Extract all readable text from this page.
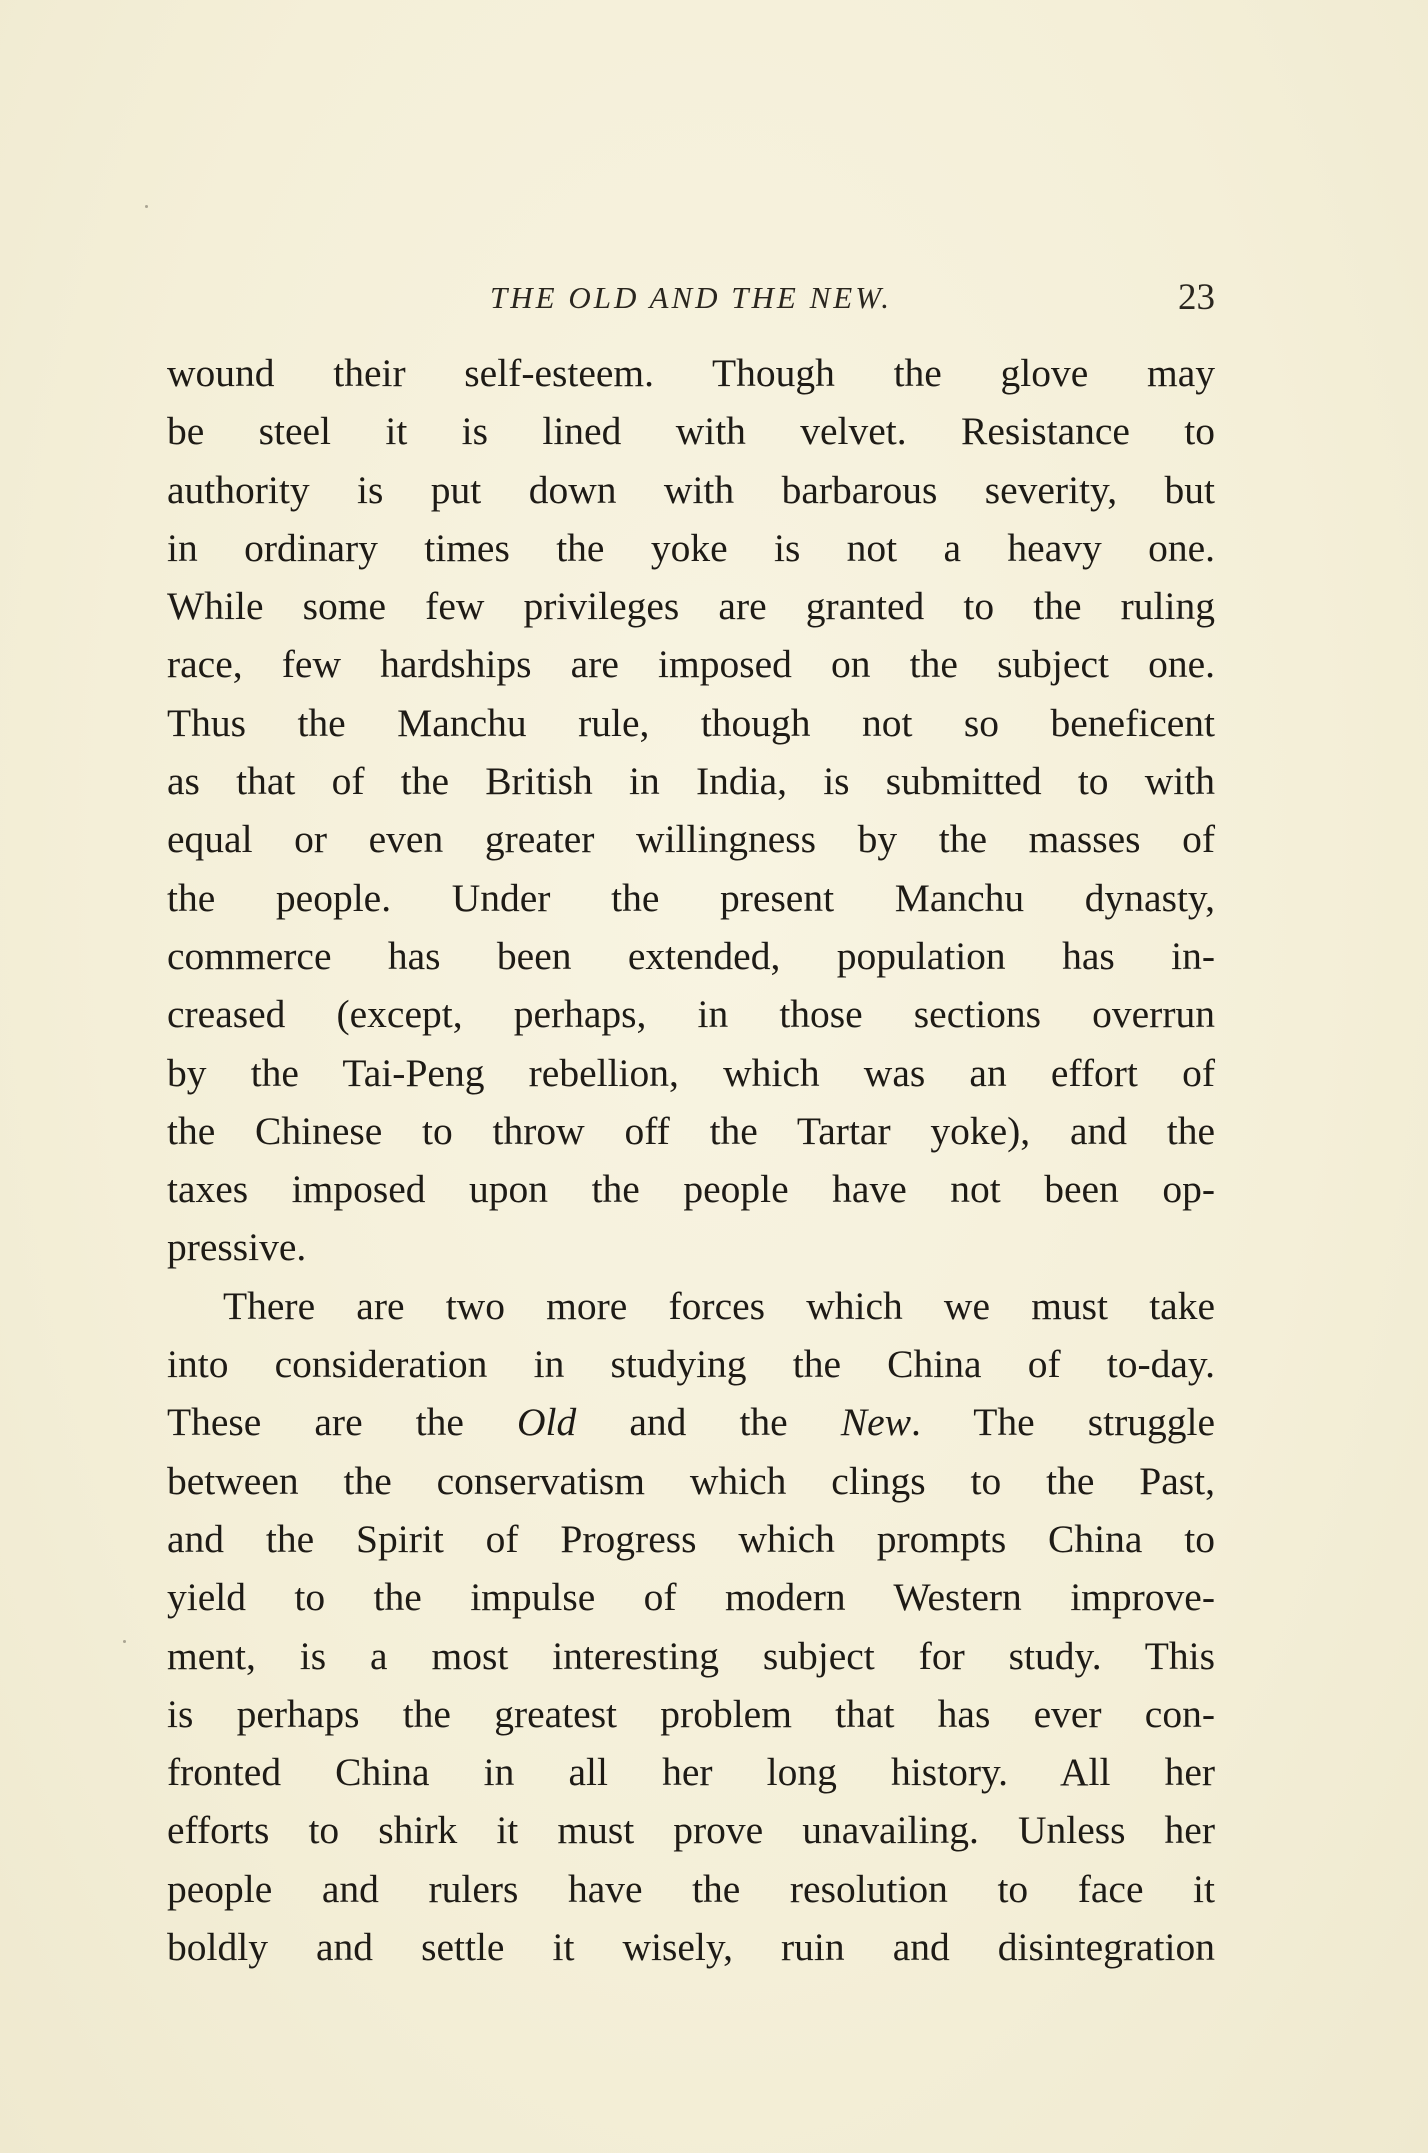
THE OLD AND THE NEW.	23
wound their self-esteem. Though the glove may
be steel it is lined with velvet. Resistance to
authority is put down with barbarous severity, but
in ordinary times the yoke is not a heavy one.
While some few privileges are granted to the ruling
race, few hardships are imposed on the subject one.
Thus the Manchu rule, though not so beneficent
as that of the British in India, is submitted to with
equal or even greater willingness by the masses of
the people. Under the present Manchu dynasty,
commerce has been extended, population has in-
creased (except, perhaps, in those sections overrun
by the Tai-Peng rebellion, which was an effort of
the Chinese to throw off the Tartar yoke), and the
taxes imposed upon the people have not been op-
pressive.
There are two more forces which we must take
into consideration in studying the China of to-day.
These are the Old and the New. The struggle
between the conservatism which clings to the Past,
and the Spirit of Progress which prompts China to
yield to the impulse of modern Western improve-
ment, is a most interesting subject for study. This
is perhaps the greatest problem that has ever con-
fronted China in all her long history. All her
efforts to shirk it must prove unavailing. Unless her
people and rulers have the resolution to face it
boldly and settle it wisely, ruin and disintegration
